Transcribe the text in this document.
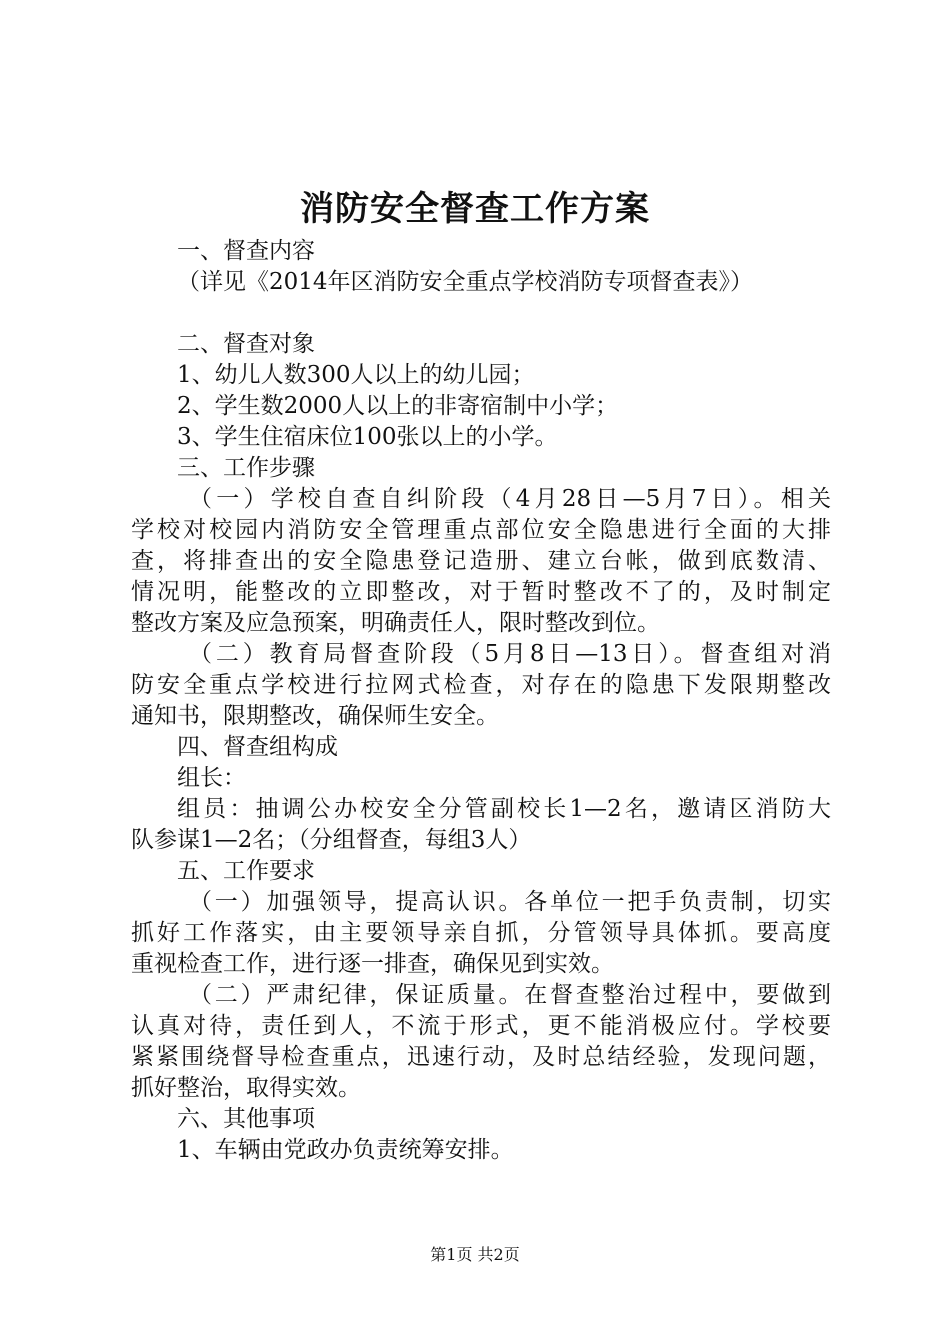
消防安全督查工作方案
一、督查内容
（详见《2014年区消防安全重点学校消防专项督查表》）
二、督查对象
1、幼儿人数300人以上的幼儿园；
2、学生数2000人以上的非寄宿制中小学；
3、学生住宿床位100张以上的小学。
三、工作步骤
（一）学校自查自纠阶段（4月28日—5月7日）。相关
学校对校园内消防安全管理重点部位安全隐患进行全面的大排
查，将排查出的安全隐患登记造册、建立台帐，做到底数清、
情况明，能整改的立即整改，对于暂时整改不了的，及时制定
整改方案及应急预案，明确责任人，限时整改到位。
（二）教育局督查阶段（5月8日—13日）。督查组对消
防安全重点学校进行拉网式检查，对存在的隐患下发限期整改
通知书，限期整改，确保师生安全。
四、督查组构成
组长：
组员：抽调公办校安全分管副校长1—2名，邀请区消防大
队参谋1—2名；（分组督查，每组3人）
五、工作要求
（一）加强领导，提高认识。各单位一把手负责制，切实
抓好工作落实，由主要领导亲自抓，分管领导具体抓。要高度
重视检查工作，进行逐一排查，确保见到实效。
（二）严肃纪律，保证质量。在督查整治过程中，要做到
认真对待，责任到人，不流于形式，更不能消极应付。学校要
紧紧围绕督导检查重点，迅速行动，及时总结经验，发现问题，
抓好整治，取得实效。
六、其他事项
1、车辆由党政办负责统筹安排。
第1页 共2页
